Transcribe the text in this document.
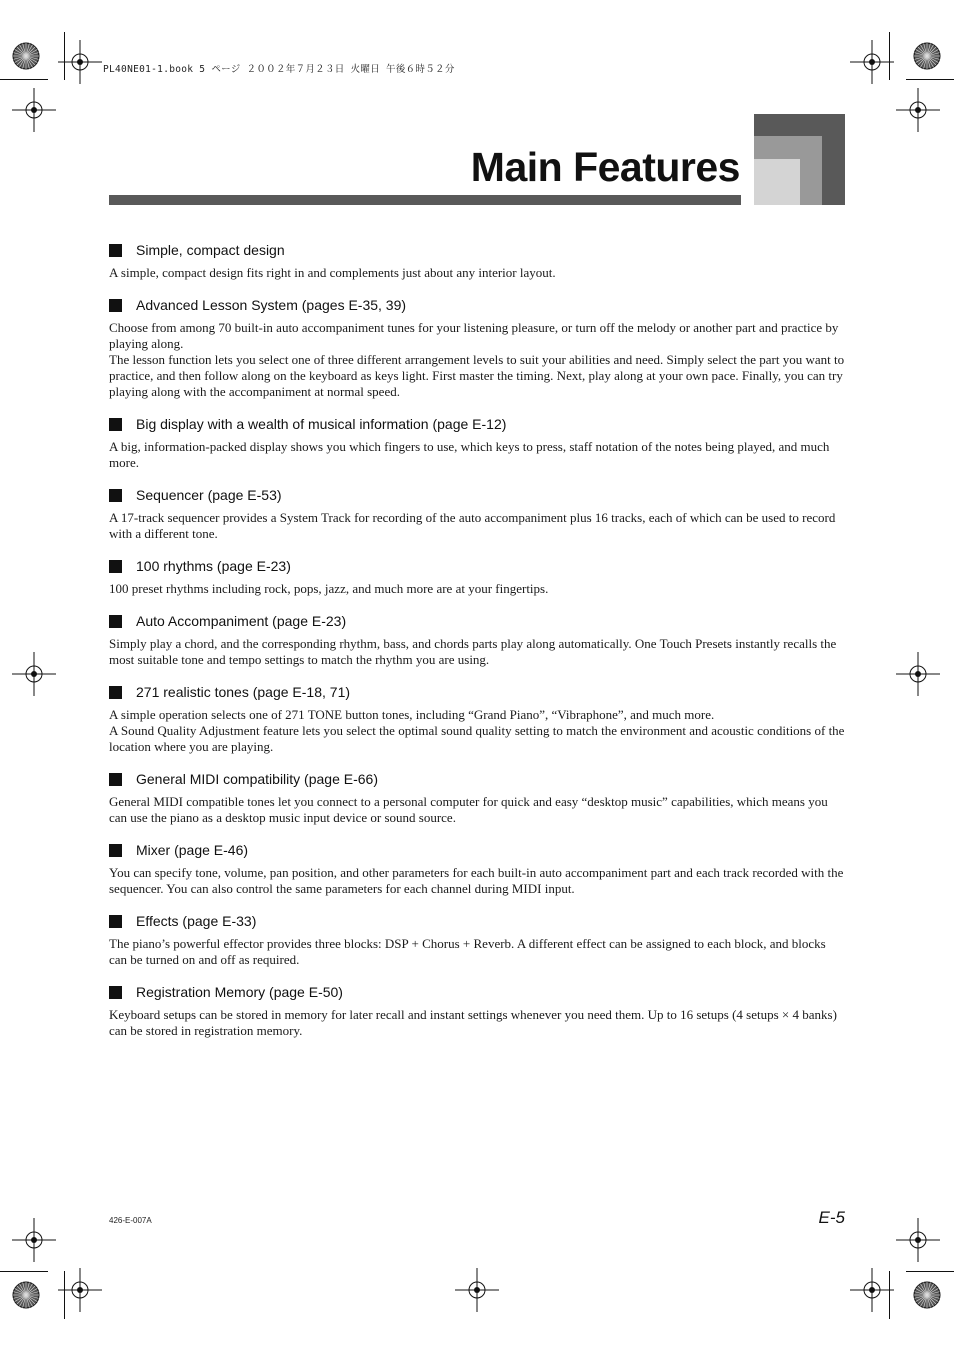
PL40NE01-1.book 5 ページ ２００２年７月２３日 火曜日 午後６時５２分
Main Features
Simple, compact design

A simple, compact design fits right in and complements just about any interior layout.

Advanced Lesson System (pages E-35, 39)

Choose from among 70 built-in auto accompaniment tunes for your listening pleasure, or turn off the melody or another part and practice by playing along.

The lesson function lets you select one of three different arrangement levels to suit your abilities and need. Simply select the part you want to practice, and then follow along on the keyboard as keys light. First master the timing. Next, play along at your own pace. Finally, you can try playing along with the accompaniment at normal speed.

Big display with a wealth of musical information (page E-12)

A big, information-packed display shows you which fingers to use, which keys to press, staff notation of the notes being played, and much more.

Sequencer (page E-53)

A 17-track sequencer provides a System Track for recording of the auto accompaniment plus 16 tracks, each of which can be used to record with a different tone.

100 rhythms (page E-23)

100 preset rhythms including rock, pops, jazz, and much more are at your fingertips.

Auto Accompaniment (page E-23)

Simply play a chord, and the corresponding rhythm, bass, and chords parts play along automatically. One Touch Presets instantly recalls the most suitable tone and tempo settings to match the rhythm you are using.

271 realistic tones (page E-18, 71)

A simple operation selects one of 271 TONE button tones, including “Grand Piano”, “Vibraphone”, and much more.

A Sound Quality Adjustment feature lets you select the optimal sound quality setting to match the environment and acoustic conditions of the location where you are playing.

General MIDI compatibility (page E-66)

General MIDI compatible tones let you connect to a personal computer for quick and easy “desktop music” capabilities, which means you can use the piano as a desktop music input device or sound source.

Mixer (page E-46)

You can specify tone, volume, pan position, and other parameters for each built-in auto accompaniment part and each track recorded with the sequencer. You can also control the same parameters for each channel during MIDI input.

Effects (page E-33)

The piano’s powerful effector provides three blocks: DSP + Chorus + Reverb. A different effect can be assigned to each block, and blocks can be turned on and off as required.

Registration Memory (page E-50)

Keyboard setups can be stored in memory for later recall and instant settings whenever you need them. Up to 16 setups (4 setups × 4 banks) can be stored in registration memory.

426-E-007A	E-5
